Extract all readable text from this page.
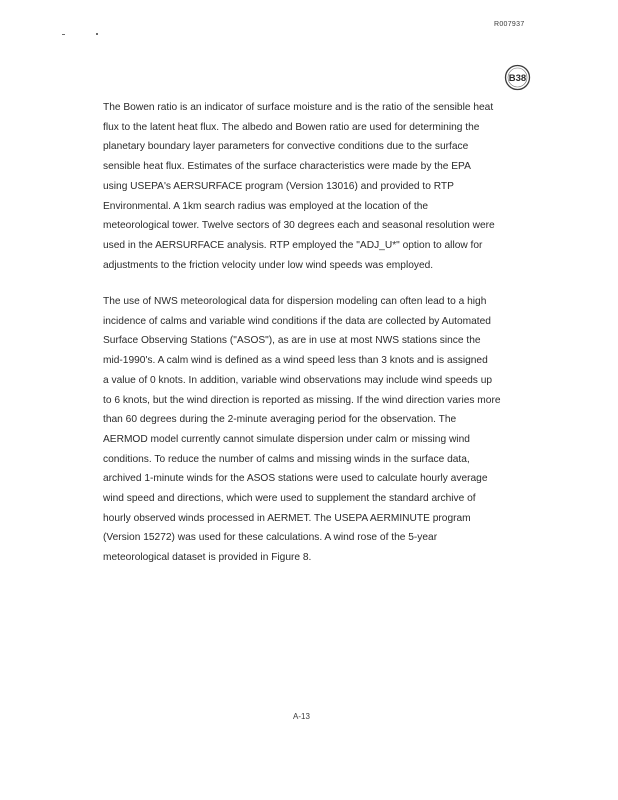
R007937
B38

The Bowen ratio is an indicator of surface moisture and is the ratio of the sensible heat
flux to the latent heat flux. The albedo and Bowen ratio are used for determining the
planetary boundary layer parameters for convective conditions due to the surface
sensible heat flux. Estimates of the surface characteristics were made by the EPA
using USEPA's AERSURFACE program (Version 13016) and provided to RTP
Environmental. A 1km search radius was employed at the location of the
meteorological tower. Twelve sectors of 30 degrees each and seasonal resolution were
used in the AERSURFACE analysis. RTP employed the "ADJ_U*" option to allow for
adjustments to the friction velocity under low wind speeds was employed.

The use of NWS meteorological data for dispersion modeling can often lead to a high
incidence of calms and variable wind conditions if the data are collected by Automated
Surface Observing Stations ("ASOS"), as are in use at most NWS stations since the
mid-1990's. A calm wind is defined as a wind speed less than 3 knots and is assigned
a value of 0 knots. In addition, variable wind observations may include wind speeds up
to 6 knots, but the wind direction is reported as missing. If the wind direction varies more
than 60 degrees during the 2-minute averaging period for the observation. The
AERMOD model currently cannot simulate dispersion under calm or missing wind
conditions. To reduce the number of calms and missing winds in the surface data,
archived 1-minute winds for the ASOS stations were used to calculate hourly average
wind speed and directions, which were used to supplement the standard archive of
hourly observed winds processed in AERMET. The USEPA AERMINUTE program
(Version 15272) was used for these calculations. A wind rose of the 5-year
meteorological dataset is provided in Figure 8.

A-13
